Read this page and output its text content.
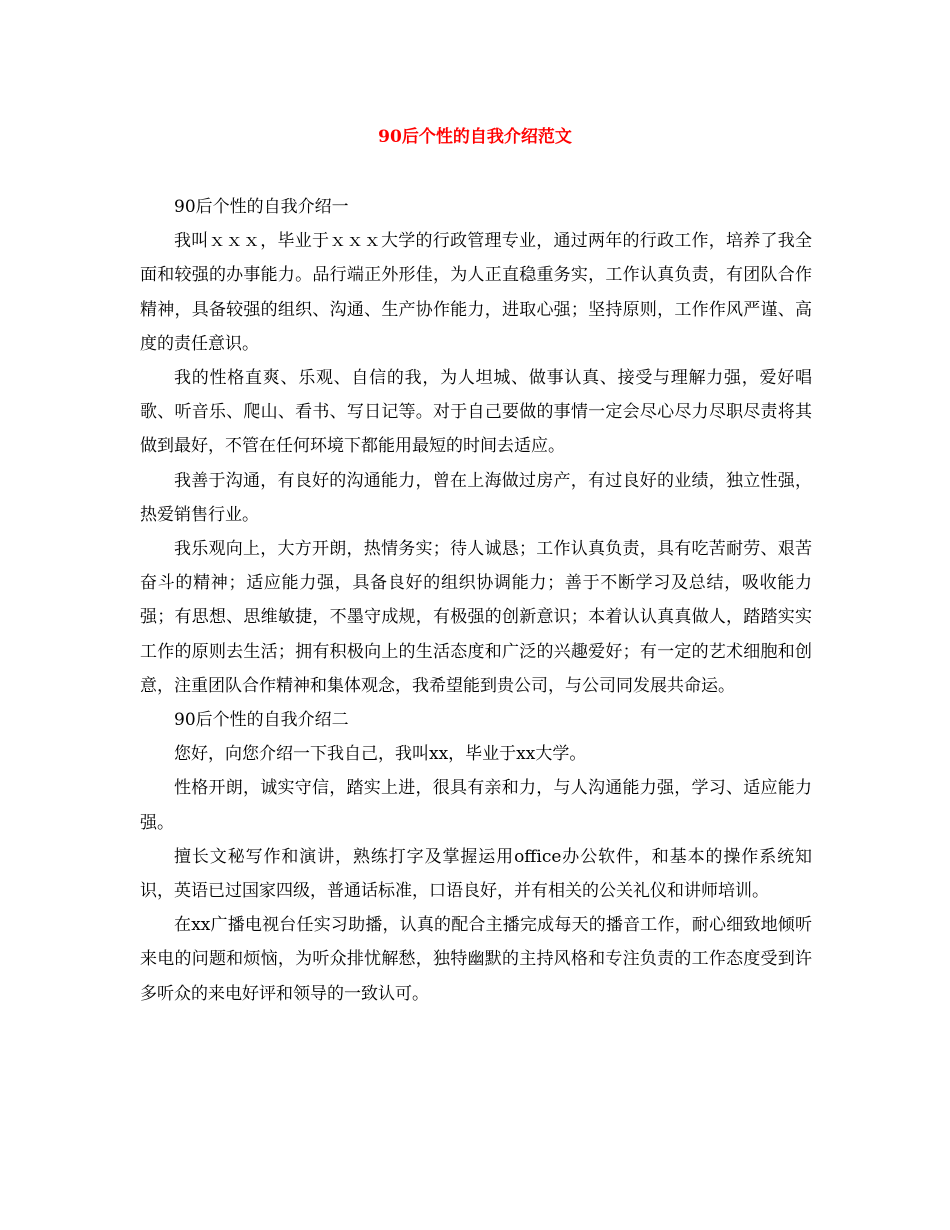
90后个性的自我介绍范文

90后个性的自我介绍一

我叫ｘｘｘ，毕业于ｘｘｘ大学的行政管理专业，通过两年的行政工作，培养了我全面和较强的办事能力。品行端正外形佳，为人正直稳重务实，工作认真负责，有团队合作精神，具备较强的组织、沟通、生产协作能力，进取心强；坚持原则，工作作风严谨、高度的责任意识。

我的性格直爽、乐观、自信的我，为人坦城、做事认真、接受与理解力强，爱好唱歌、听音乐、爬山、看书、写日记等。对于自己要做的事情一定会尽心尽力尽职尽责将其做到最好，不管在任何环境下都能用最短的时间去适应。

我善于沟通，有良好的沟通能力，曾在上海做过房产，有过良好的业绩，独立性强，热爱销售行业。

我乐观向上，大方开朗，热情务实；待人诚恳；工作认真负责，具有吃苦耐劳、艰苦奋斗的精神；适应能力强，具备良好的组织协调能力；善于不断学习及总结，吸收能力强；有思想、思维敏捷，不墨守成规，有极强的创新意识；本着认认真真做人，踏踏实实工作的原则去生活；拥有积极向上的生活态度和广泛的兴趣爱好；有一定的艺术细胞和创意，注重团队合作精神和集体观念，我希望能到贵公司，与公司同发展共命运。

90后个性的自我介绍二

您好，向您介绍一下我自己，我叫xx，毕业于xx大学。

性格开朗，诚实守信，踏实上进，很具有亲和力，与人沟通能力强，学习、适应能力强。

擅长文秘写作和演讲，熟练打字及掌握运用office办公软件，和基本的操作系统知识，英语已过国家四级，普通话标准，口语良好，并有相关的公关礼仪和讲师培训。

在xx广播电视台任实习助播，认真的配合主播完成每天的播音工作，耐心细致地倾听来电的问题和烦恼，为听众排忧解愁，独特幽默的主持风格和专注负责的工作态度受到许多听众的来电好评和领导的一致认可。
